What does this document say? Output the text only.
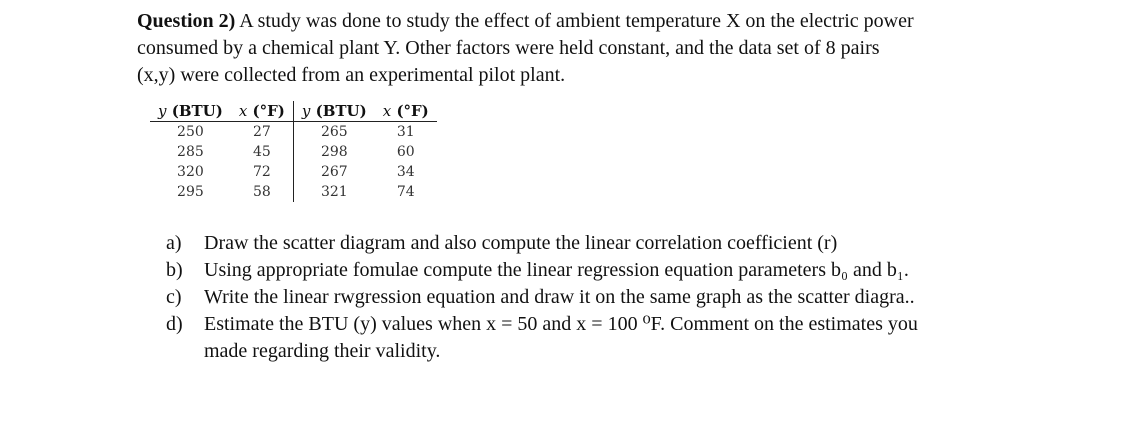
Question 2) A study was done to study the effect of ambient temperature X on the electric power
consumed by a chemical plant Y. Other factors were held constant, and the data set of 8 pairs
(x,y) were collected from an experimental pilot plant.
y (BTU)	x (°F)	y (BTU)	x (°F)
250	27	265	31
285	45	298	60
320	72	267	34
295	58	321	74
a)	Draw the scatter diagram and also compute the linear correlation coefficient (r)
b)	Using appropriate fomulae compute the linear regression equation parameters b₀ and b₁.
c)	Write the linear rwgression equation and draw it on the same graph as the scatter diagra..
d)	Estimate the BTU (y) values when x = 50 and x = 100 ⁰F. Comment on the estimates you
made regarding their validity.
